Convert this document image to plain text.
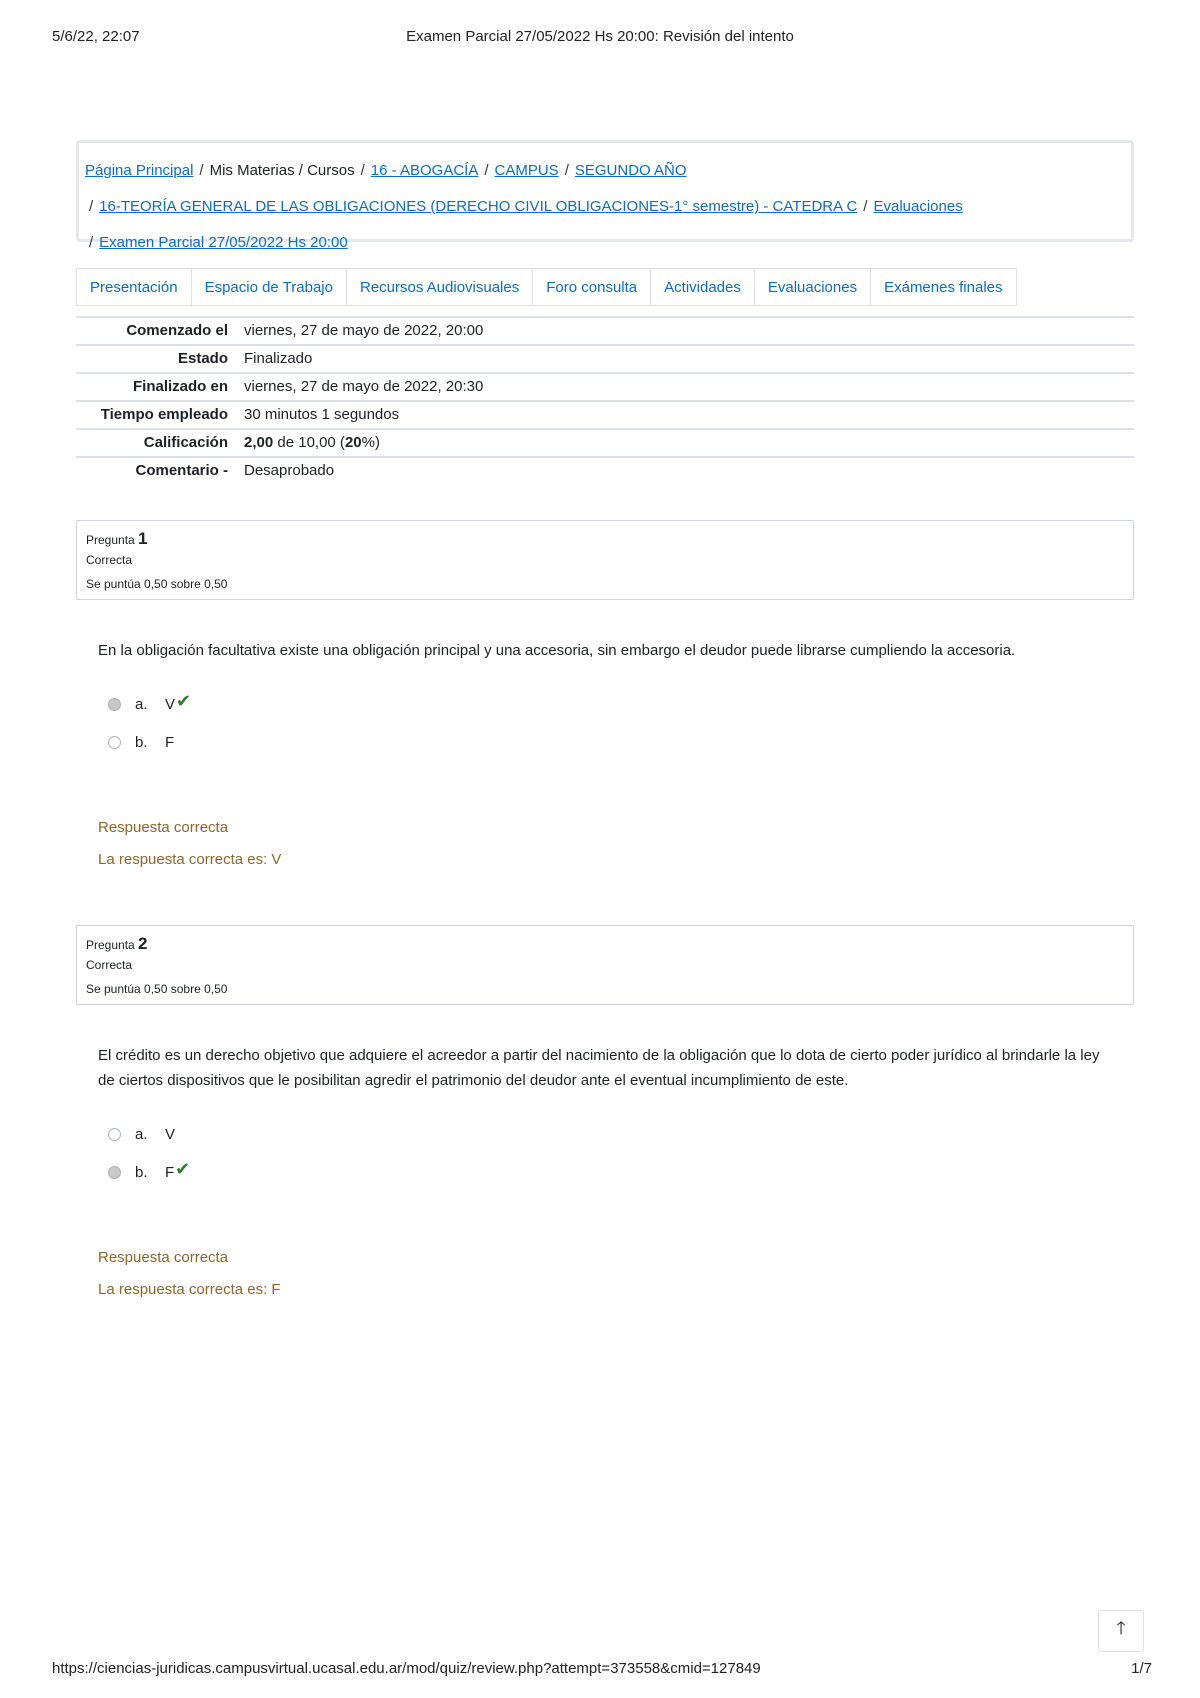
5/6/22, 22:07	Examen Parcial 27/05/2022 Hs 20:00: Revisión del intento
Página Principal / Mis Materias / Cursos / 16 - ABOGACÍA / CAMPUS / SEGUNDO AÑO
/ 16-TEORÍA GENERAL DE LAS OBLIGACIONES (DERECHO CIVIL OBLIGACIONES-1° semestre) - CATEDRA C / Evaluaciones
/ Examen Parcial 27/05/2022 Hs 20:00
Presentación	Espacio de Trabajo	Recursos Audiovisuales	Foro consulta	Actividades	Evaluaciones	Exámenes finales
Comenzado el	viernes, 27 de mayo de 2022, 20:00
Estado	Finalizado
Finalizado en	viernes, 27 de mayo de 2022, 20:30
Tiempo empleado	30 minutos 1 segundos
Calificación	2,00 de 10,00 (20%)
Comentario -	Desaprobado
Pregunta 1
Correcta
Se puntúa 0,50 sobre 0,50
En la obligación facultativa existe una obligación principal y una accesoria, sin embargo el deudor puede librarse cumpliendo la accesoria.
a.	V ✔
b.	F
Respuesta correcta
La respuesta correcta es: V
Pregunta 2
Correcta
Se puntúa 0,50 sobre 0,50
El crédito es un derecho objetivo que adquiere el acreedor a partir del nacimiento de la obligación que lo dota de cierto poder jurídico al brindarle la ley de ciertos dispositivos que le posibilitan agredir el patrimonio del deudor ante el eventual incumplimiento de este.
a.	V
b.	F ✔
Respuesta correcta
La respuesta correcta es: F
🡑
https://ciencias-juridicas.campusvirtual.ucasal.edu.ar/mod/quiz/review.php?attempt=373558&cmid=127849	1/7
